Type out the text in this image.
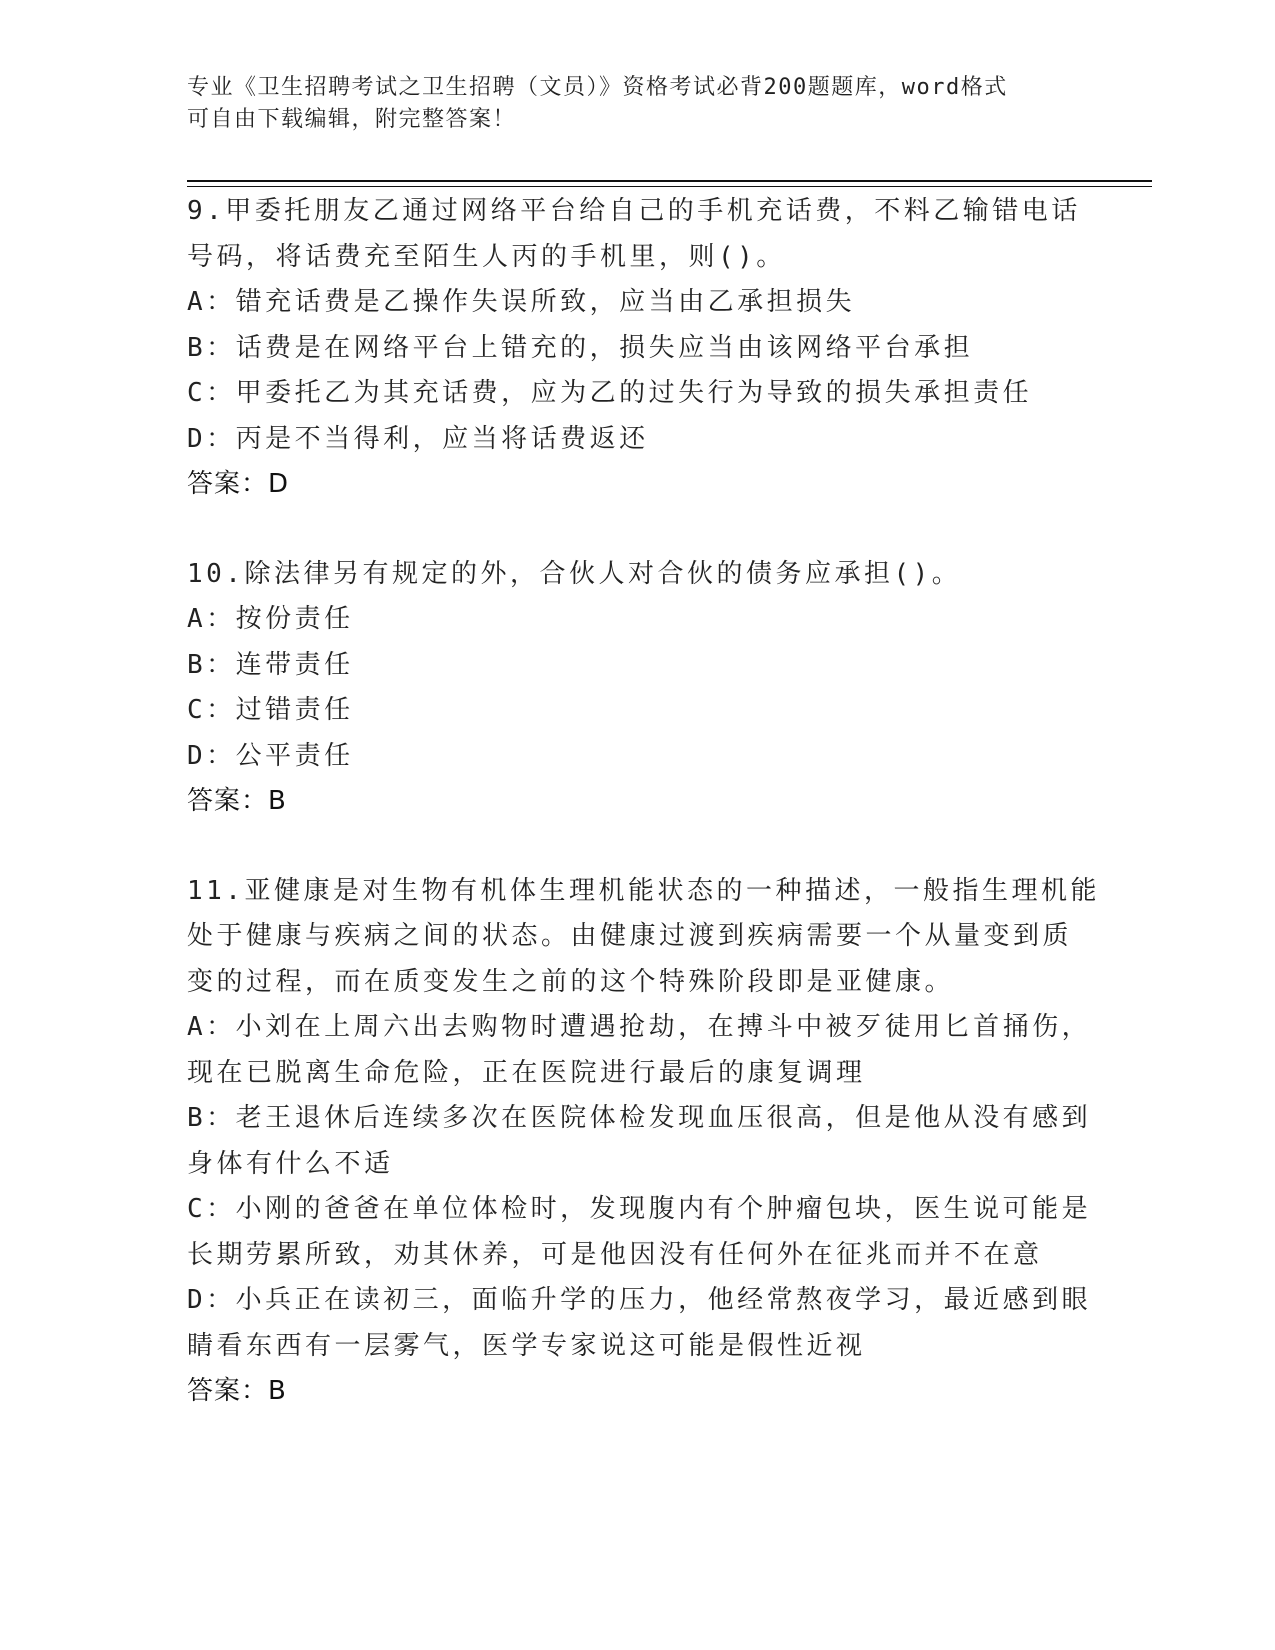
专业《卫生招聘考试之卫生招聘（文员）》资格考试必背200题题库，word格式
可自由下载编辑，附完整答案！
9.甲委托朋友乙通过网络平台给自己的手机充话费，不料乙输错电话
号码，将话费充至陌生人丙的手机里，则()。
A：错充话费是乙操作失误所致，应当由乙承担损失
B：话费是在网络平台上错充的，损失应当由该网络平台承担
C：甲委托乙为其充话费，应为乙的过失行为导致的损失承担责任
D：丙是不当得利，应当将话费返还
答案：D
10.除法律另有规定的外，合伙人对合伙的债务应承担()。
A：按份责任
B：连带责任
C：过错责任
D：公平责任
答案：B
11.亚健康是对生物有机体生理机能状态的一种描述，一般指生理机能
处于健康与疾病之间的状态。由健康过渡到疾病需要一个从量变到质
变的过程，而在质变发生之前的这个特殊阶段即是亚健康。
A：小刘在上周六出去购物时遭遇抢劫，在搏斗中被歹徒用匕首捅伤，
现在已脱离生命危险，正在医院进行最后的康复调理
B：老王退休后连续多次在医院体检发现血压很高，但是他从没有感到
身体有什么不适
C：小刚的爸爸在单位体检时，发现腹内有个肿瘤包块，医生说可能是
长期劳累所致，劝其休养，可是他因没有任何外在征兆而并不在意
D：小兵正在读初三，面临升学的压力，他经常熬夜学习，最近感到眼
睛看东西有一层雾气，医学专家说这可能是假性近视
答案：B
